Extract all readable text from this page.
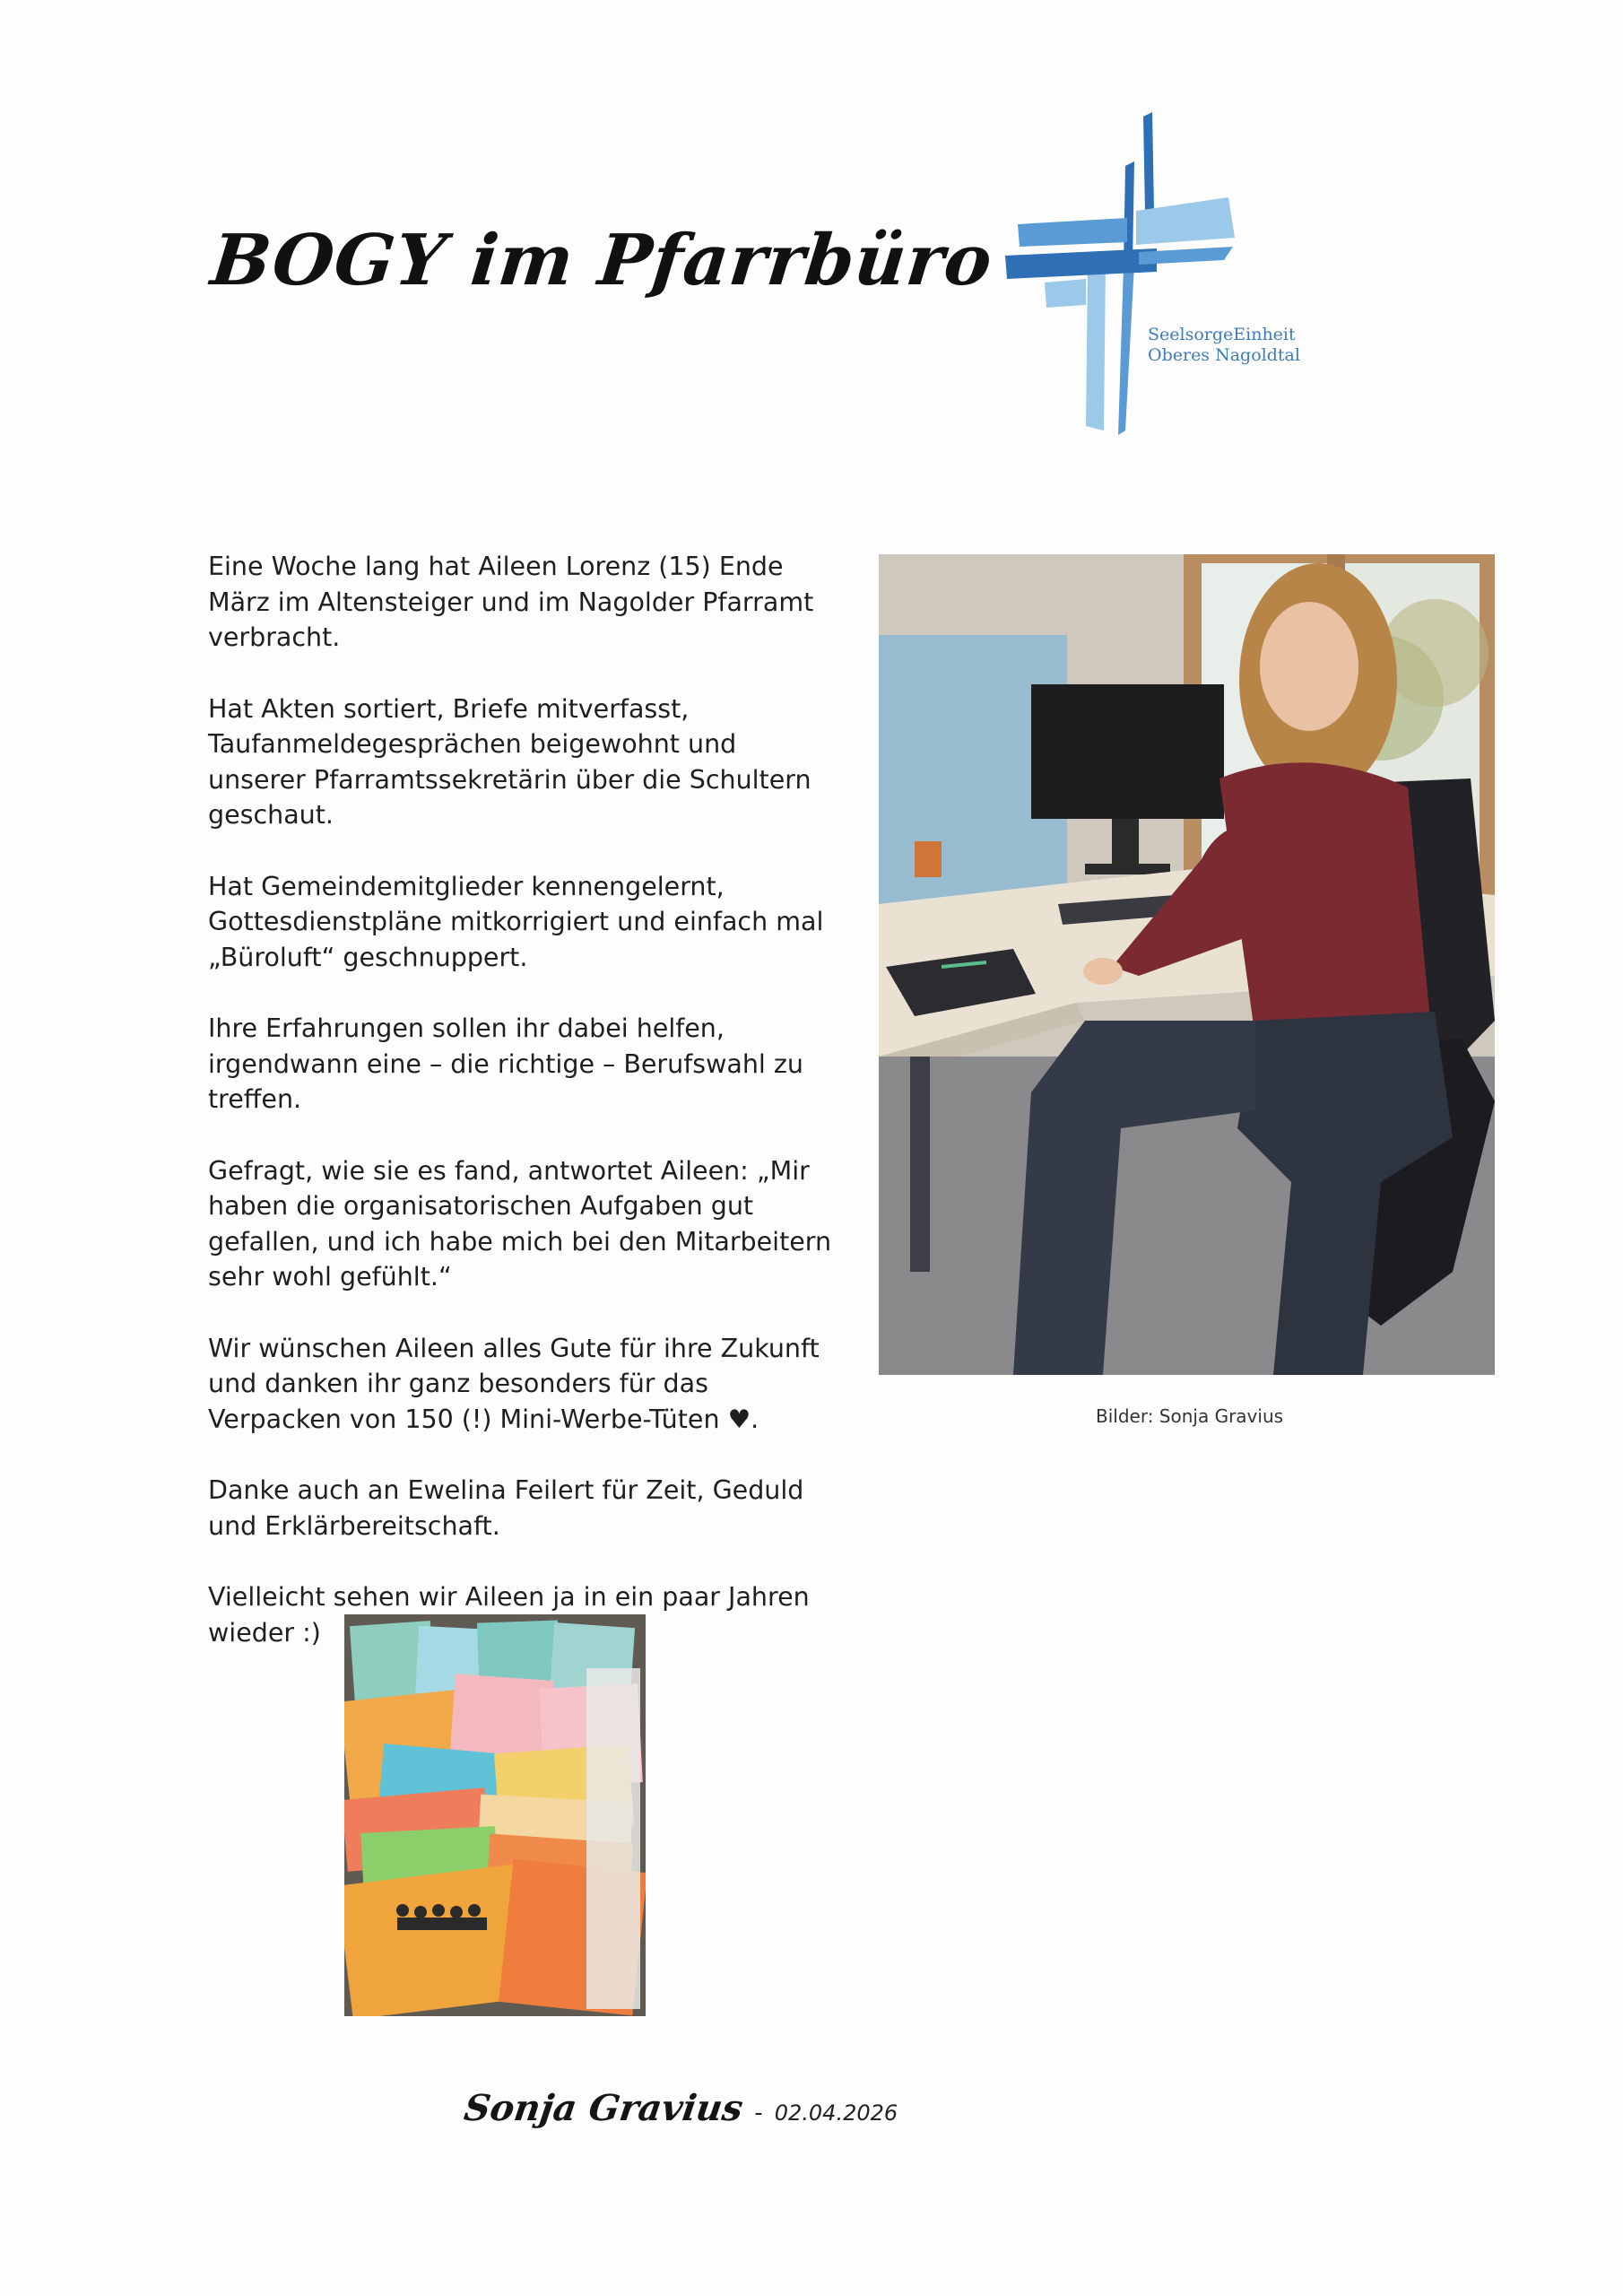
BOGY im Pfarrbüro
SeelsorgeEinheit
Oberes Nagoldtal

Eine Woche lang hat Aileen Lorenz (15) Ende März im Altensteiger und im Nagolder Pfarramt verbracht.

Hat Akten sortiert, Briefe mitverfasst, Taufanmeldegesprächen beigewohnt und unserer Pfarramtssekretärin über die Schultern geschaut.

Hat Gemeindemitglieder kennengelernt, Gottesdienstpläne mitkorrigiert und einfach mal „Büroluft“ geschnuppert.

Ihre Erfahrungen sollen ihr dabei helfen, irgendwann eine – die richtige – Berufswahl zu treffen.

Gefragt, wie sie es fand, antwortet Aileen: „Mir haben die organisatorischen Aufgaben gut gefallen, und ich habe mich bei den Mitarbeitern sehr wohl gefühlt.“

Wir wünschen Aileen alles Gute für ihre Zukunft und danken ihr ganz besonders für das Verpacken von 150 (!) Mini-Werbe-Tüten ♥.

Danke auch an Ewelina Feilert für Zeit, Geduld und Erklärbereitschaft.

Vielleicht sehen wir Aileen ja in ein paar Jahren wieder :)

Bilder: Sonja Gravius
Sonja Gravius - 02.04.2026
